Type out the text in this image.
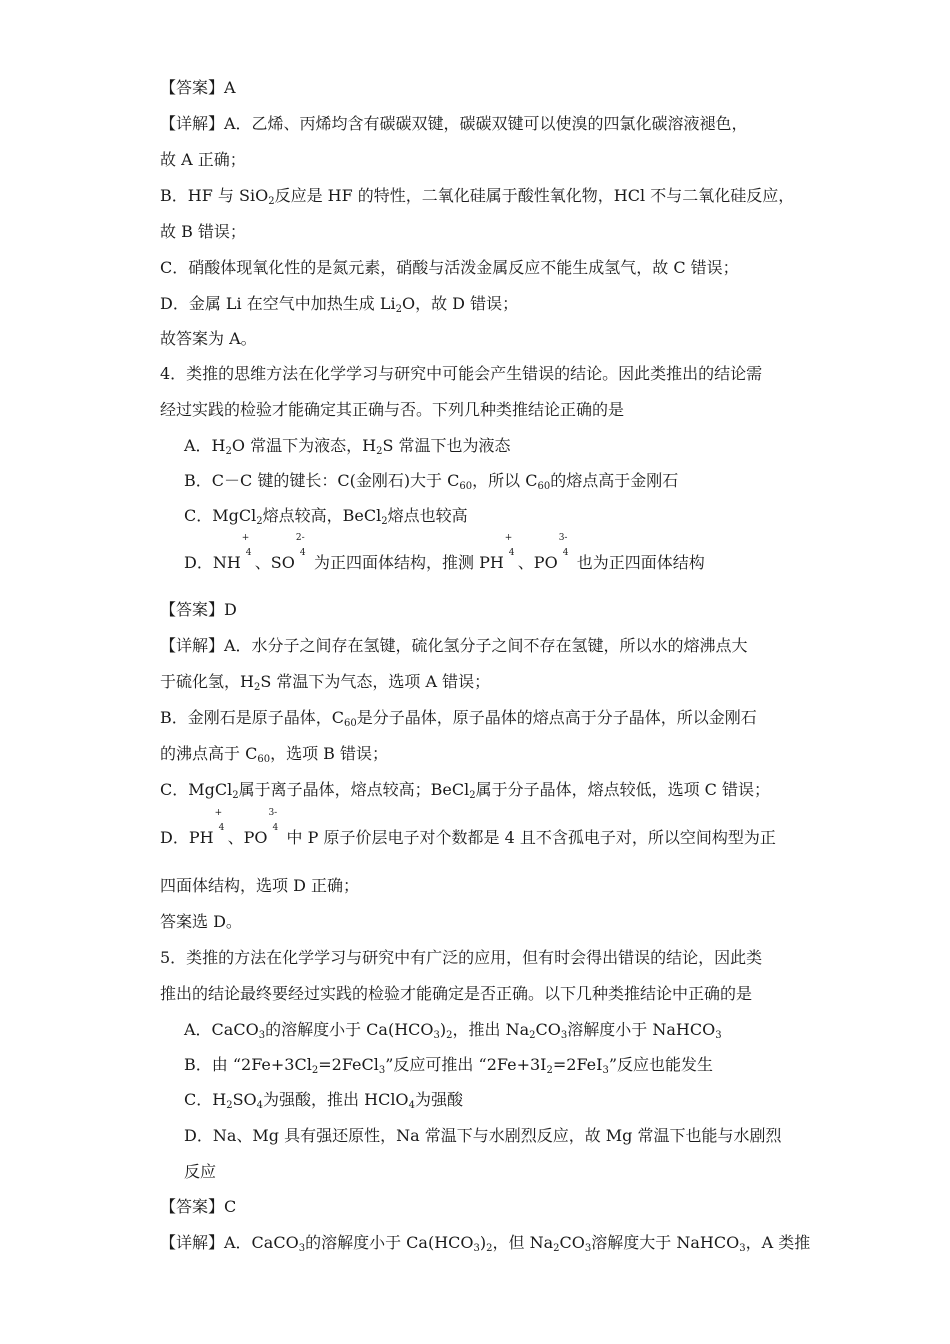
【答案】A
【详解】A．乙烯、丙烯均含有碳碳双键，碳碳双键可以使溴的四氯化碳溶液褪色，
故 A 正确；
B．HF 与 SiO$_2$反应是 HF 的特性，二氧化硅属于酸性氧化物，HCl 不与二氧化硅反应，
故 B 错误；
C．硝酸体现氧化性的是氮元素，硝酸与活泼金属反应不能生成氢气，故 C 错误；
D．金属 Li 在空气中加热生成 $Li_2O$，故 D 错误；
故答案为 A。
4．类推的思维方法在化学学习与研究中可能会产生错误的结论。因此类推出的结论需
经过实践的检验才能确定其正确与否。下列几种类推结论正确的是
A．$H_2O$ 常温下为液态，$H_2S$ 常温下也为液态
B．C－C 键的键长：C(金刚石)大于 $C_{60}$，所以 $C_{60}$的熔点高于金刚石
C．MgCl$_2$熔点较高，BeCl$_2$熔点也较高
D．NH
+
4 、SO
2-
4 为正四面体结构，推测 PH
+
4 、PO
3-
4 也为正四面体结构
【答案】D
【详解】A．水分子之间存在氢键，硫化氢分子之间不存在氢键，所以水的熔沸点大
于硫化氢，$H_2S$ 常温下为气态，选项 A 错误；
B．金刚石是原子晶体，$C_{60}$是分子晶体，原子晶体的熔点高于分子晶体，所以金刚石
的沸点高于 $C_{60}$，选项 B 错误；
C．MgCl$_2$属于离子晶体，熔点较高；BeCl$_2$属于分子晶体，熔点较低，选项 C 错误；
D．PH
+
4 、PO
3-
4 中 P 原子价层电子对个数都是 4 且不含孤电子对，所以空间构型为正
四面体结构，选项 D 正确；
答案选 D。
5．类推的方法在化学学习与研究中有广泛的应用，但有时会得出错误的结论，因此类
推出的结论最终要经过实践的检验才能确定是否正确。以下几种类推结论中正确的是
A．CaCO$_3$的溶解度小于 $Ca(HCO_3)_2$，推出 $Na_2CO_3$溶解度小于 NaHCO$_3$
B．由 “$2Fe+3Cl_2=2FeCl_3$”反应可推出 “$2Fe+3I_2=2FeI_3$”反应也能发生
C．$H_2SO_4$为强酸，推出 HClO$_4$为强酸
D．Na、Mg 具有强还原性，Na 常温下与水剧烈反应，故 Mg 常温下也能与水剧烈
反应
【答案】C
【详解】A．CaCO$_3$的溶解度小于 $Ca(HCO_3)_2$，但 $Na_2CO_3$溶解度大于 NaHCO$_3$，A 类推
